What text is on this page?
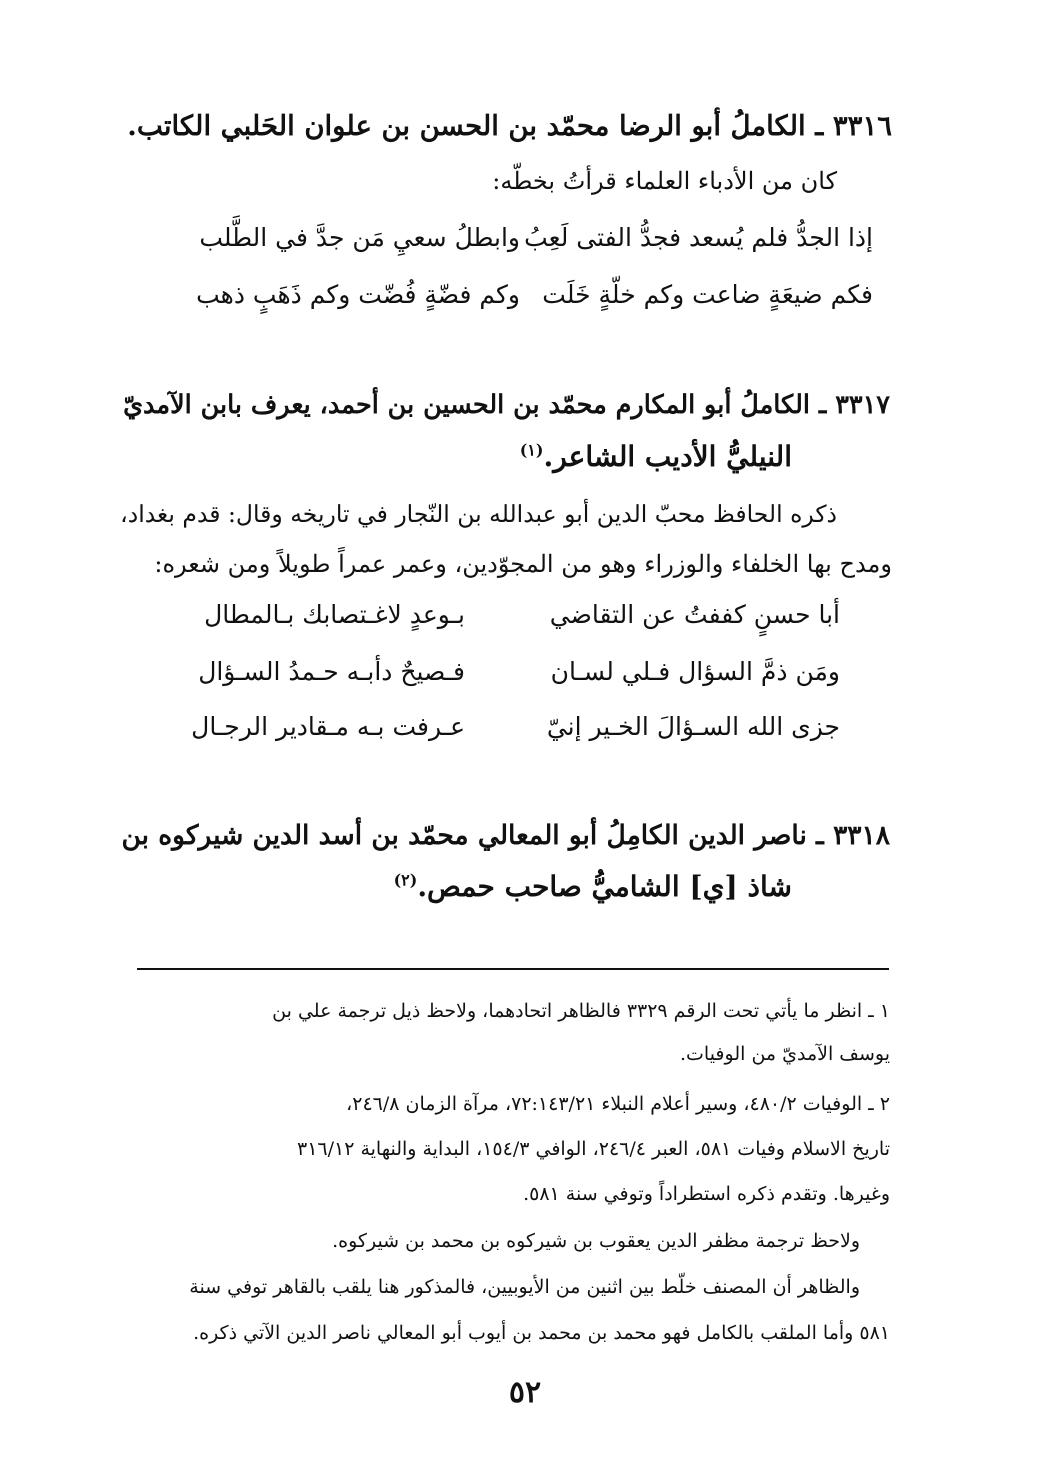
٣٣١٦ ـ الكاملُ أبو الرضا محمّد بن الحسن بن علوان الحَلبي الكاتب.
كان من الأدباء العلماء قرأتُ بخطّه:
إذا الجدُّ فلم يُسعد فجدُّ الفتى لَعِبُ
وابطلُ سعيِ مَن جدَّ في الطَّلب
فكم ضيعَةٍ ضاعت وكم خلّةٍ خَلَت
وكم فضّةٍ فُضّت وكم ذَهَبٍ ذهب
٣٣١٧ ـ الكاملُ أبو المكارم محمّد بن الحسين بن أحمد، يعرف بابن الآمديّ
النيليُّ الأديب الشاعر.$^{(١)}$
ذكره الحافظ محبّ الدين أبو عبدالله بن النّجار في تاريخه وقال: قدم بغداد،
ومدح بها الخلفاء والوزراء وهو من المجوّدين، وعمر عمراً طويلاً ومن شعره:
أبا حسنٍ كففتُ عن التقاضي
بـوعدٍ لاغـتصابك بـالمطال
ومَن ذمَّ السؤال فـلي لسـان
فـصيحٌ دأبـه حـمدُ السـؤال
جزى الله السـؤالَ الخـير إنيّ
عـرفت بـه مـقادير الرجـال
٣٣١٨ ـ ناصر الدين الكامِلُ أبو المعالي محمّد بن أسد الدين شيركوه بن
شاذ [ي] الشاميُّ صاحب حمص.$^{(٢)}$
١ ـ انظر ما يأتي تحت الرقم ٣٣٢٩ فالظاهر اتحادهما، ولاحظ ذيل ترجمة علي بن
يوسف الآمديّ من الوفيات.
٢ ـ الوفيات ٤٨٠/٢، وسير أعلام النبلاء ٧٢:١٤٣/٢١، مرآة الزمان ٢٤٦/٨،
تاريخ الاسلام وفيات ٥٨١، العبر ٢٤٦/٤، الوافي ١٥٤/٣، البداية والنهاية ٣١٦/١٢
وغيرها. وتقدم ذكره استطراداً وتوفي سنة ٥٨١.
ولاحظ ترجمة مظفر الدين يعقوب بن شيركوه بن محمد بن شيركوه.
والظاهر أن المصنف خلّط بين اثنين من الأيوبيين، فالمذكور هنا يلقب بالقاهر توفي سنة
٥٨١ وأما الملقب بالكامل فهو محمد بن محمد بن أيوب أبو المعالي ناصر الدين الآتي ذكره.
٥٢
